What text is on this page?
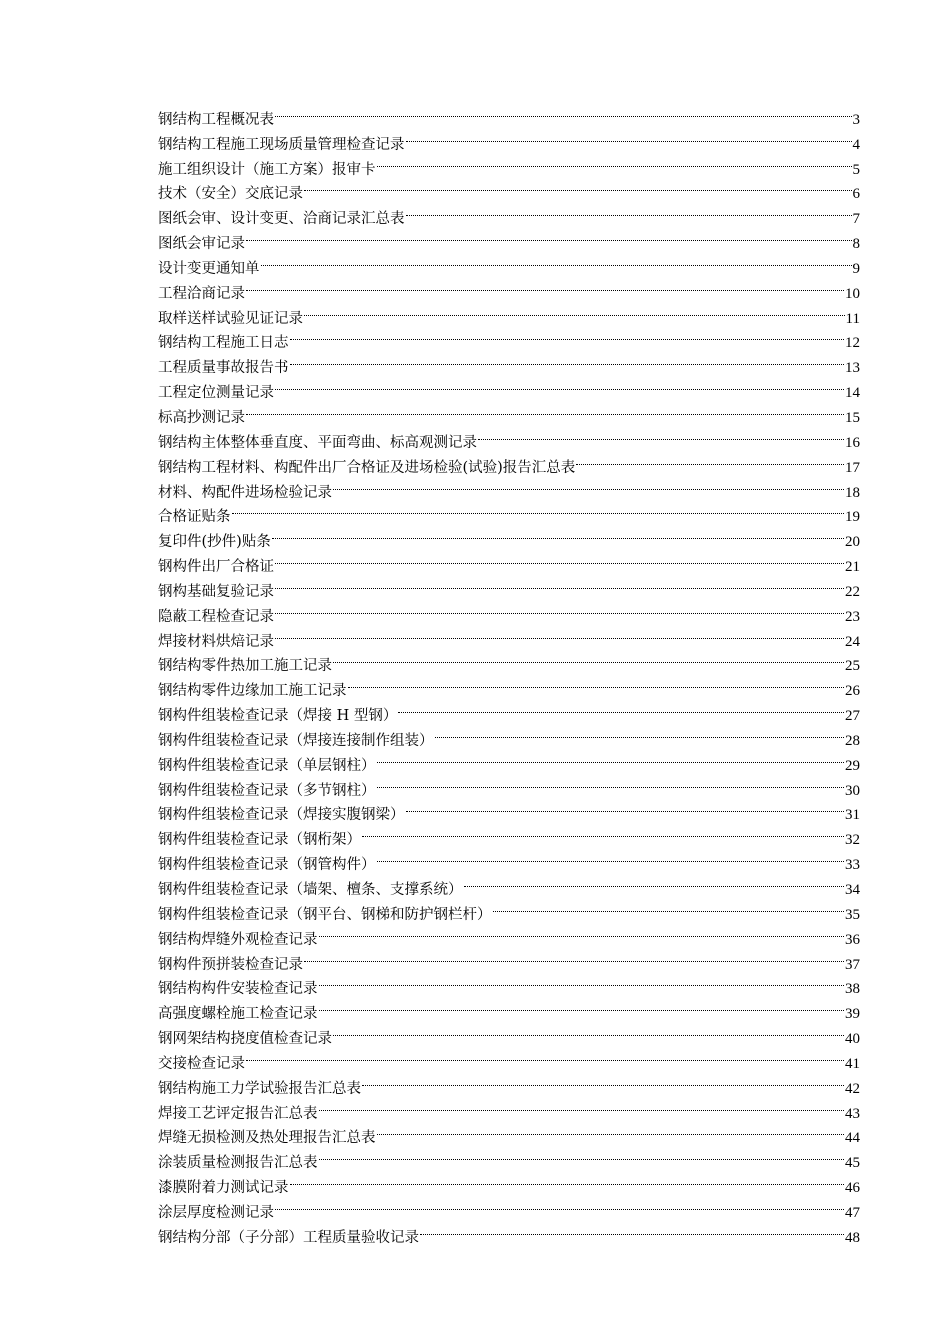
钢结构工程概况表	3
钢结构工程施工现场质量管理检查记录	4
施工组织设计（施工方案）报审卡	5
技术（安全）交底记录	6
图纸会审、设计变更、洽商记录汇总表	7
图纸会审记录	8
设计变更通知单	9
工程洽商记录	10
取样送样试验见证记录	11
钢结构工程施工日志	12
工程质量事故报告书	13
工程定位测量记录	14
标高抄测记录	15
钢结构主体整体垂直度、平面弯曲、标高观测记录	16
钢结构工程材料、构配件出厂合格证及进场检验(试验)报告汇总表	17
材料、构配件进场检验记录	18
合格证贴条	19
复印件(抄件)贴条	20
钢构件出厂合格证	21
钢构基础复验记录	22
隐蔽工程检查记录	23
焊接材料烘焙记录	24
钢结构零件热加工施工记录	25
钢结构零件边缘加工施工记录	26
钢构件组装检查记录（焊接 H 型钢）	27
钢构件组装检查记录（焊接连接制作组装）	28
钢构件组装检查记录（单层钢柱）	29
钢构件组装检查记录（多节钢柱）	30
钢构件组装检查记录（焊接实腹钢梁）	31
钢构件组装检查记录（钢桁架）	32
钢构件组装检查记录（钢管构件）	33
钢构件组装检查记录（墙架、檀条、支撑系统）	34
钢构件组装检查记录（钢平台、钢梯和防护钢栏杆）	35
钢结构焊缝外观检查记录	36
钢构件预拼装检查记录	37
钢结构构件安装检查记录	38
高强度螺栓施工检查记录	39
钢网架结构挠度值检查记录	40
交接检查记录	41
钢结构施工力学试验报告汇总表	42
焊接工艺评定报告汇总表	43
焊缝无损检测及热处理报告汇总表	44
涂装质量检测报告汇总表	45
漆膜附着力测试记录	46
涂层厚度检测记录	47
钢结构分部（子分部）工程质量验收记录	48
